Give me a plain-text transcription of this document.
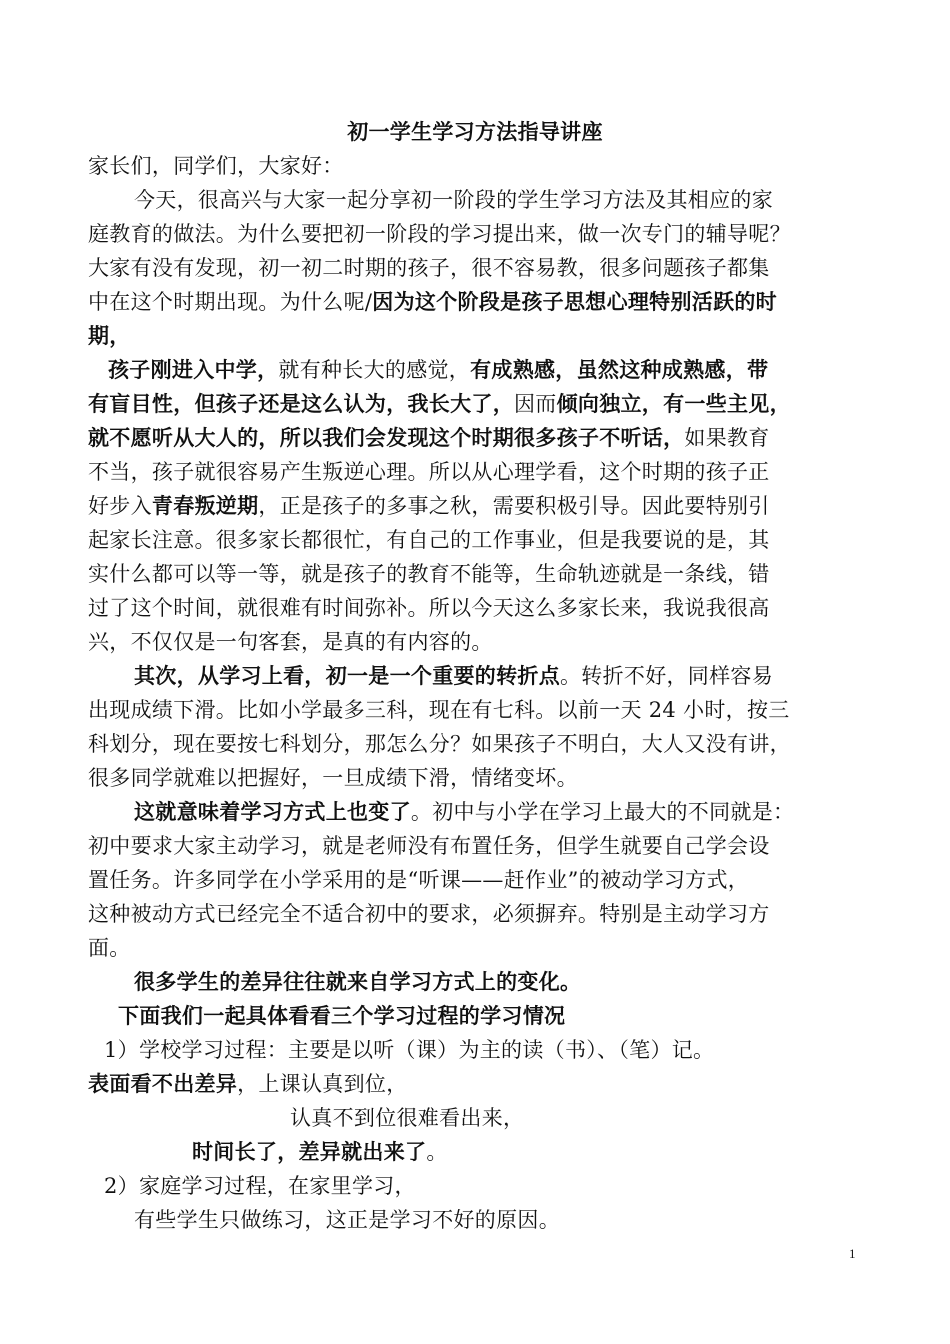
初一学生学习方法指导讲座
家长们，同学们，大家好：
今天，很高兴与大家一起分享初一阶段的学生学习方法及其相应的家
庭教育的做法。为什么要把初一阶段的学习提出来，做一次专门的辅导呢？
大家有没有发现，初一初二时期的孩子，很不容易教，很多问题孩子都集
中在这个时期出现。为什么呢/因为这个阶段是孩子思想心理特别活跃的时
期，
孩子刚进入中学，就有种长大的感觉，有成熟感，虽然这种成熟感，带
有盲目性，但孩子还是这么认为，我长大了，因而倾向独立，有一些主见，
就不愿听从大人的，所以我们会发现这个时期很多孩子不听话，如果教育
不当，孩子就很容易产生叛逆心理。所以从心理学看，这个时期的孩子正
好步入青春叛逆期，正是孩子的多事之秋，需要积极引导。因此要特别引
起家长注意。很多家长都很忙，有自己的工作事业，但是我要说的是，其
实什么都可以等一等，就是孩子的教育不能等，生命轨迹就是一条线，错
过了这个时间，就很难有时间弥补。所以今天这么多家长来，我说我很高
兴，不仅仅是一句客套，是真的有内容的。
其次，从学习上看，初一是一个重要的转折点。转折不好，同样容易
出现成绩下滑。比如小学最多三科，现在有七科。以前一天 24 小时，按三
科划分，现在要按七科划分，那怎么分？如果孩子不明白，大人又没有讲，
很多同学就难以把握好，一旦成绩下滑，情绪变坏。
这就意味着学习方式上也变了。初中与小学在学习上最大的不同就是：
初中要求大家主动学习，就是老师没有布置任务，但学生就要自己学会设
置任务。许多同学在小学采用的是“听课——赶作业”的被动学习方式，
这种被动方式已经完全不适合初中的要求，必须摒弃。特别是主动学习方
面。
很多学生的差异往往就来自学习方式上的变化。
下面我们一起具体看看三个学习过程的学习情况
1）学校学习过程：主要是以听（课）为主的读（书）、（笔）记。
表面看不出差异，上课认真到位，
认真不到位很难看出来，
时间长了，差异就出来了。
2）家庭学习过程，在家里学习，
有些学生只做练习，这正是学习不好的原因。
1
